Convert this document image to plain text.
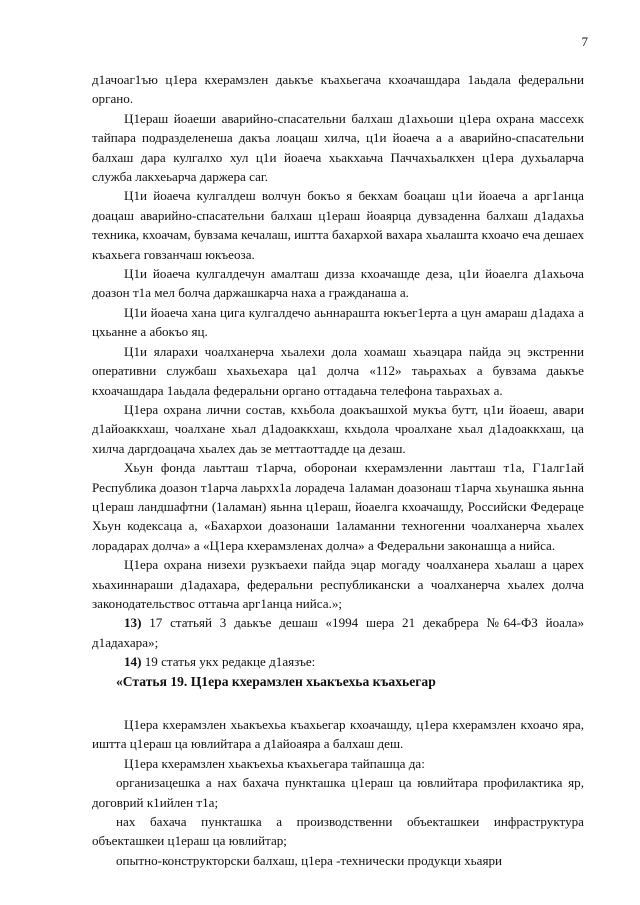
7

д1ачоаг1ъю ц1ера кхерамзлен даькъе къахьегача кхоачашдара 1аьдала федеральни органо.

Ц1ераш йоаеши аварийно-спасательни балхаш д1ахьоши ц1ера охрана массехк тайпара подразделенеша дакъа лоацаш хилча, ц1и йоаеча а а аварийно-спасательни балхаш дара кулгалхо хул ц1и йоаеча хьакхаьча Паччахьалкхен ц1ера духьаларча служба лакхеьарча даржера саг.

Ц1и йоаеча кулгалдеш волчун бокъо я бекхам боацаш ц1и йоаеча а арг1анца доацаш аварийно-спасательни балхаш ц1ераш йоаярца дувзаденна балхаш д1адахьа техника, кхоачам, бувзама кечалаш, иштта бахархой вахара хьалашта кхоачо еча дешаех къахьега говзанчаш юкъеоза.

Ц1и йоаеча кулгалдечун амалташ дизза кхоачашде деза, ц1и йоаелга д1ахьоча доазон т1а мел болча даржашкарча наха а гражданаша а.

Ц1и йоаеча хана цига кулгалдечо аьннарашта юкъег1ерта а цун амараш д1адаха а цхьанне а абокъо яц.

Ц1и яларахи чоалханерча хьалехи дола хоамаш хьаэцара пайда эц экстренни оперативни службаш хьахьехара ца1 долча «112» таьрахьах а бувзама даькъе кхоачашдара 1аьдала федеральни органо оттадаьча телефона таьрахьах а.

Ц1ера охрана лични состав, кхьбола доакъашхой мукъа бутт, ц1и йоаеш, авари д1айоаккхаш, чоалхане хьал д1адоаккхаш, кхьдола чроалхане хьал д1адоаккхаш, ца хилча даргдоацача хьалех даь зе меттаоттадде ца дезаш.

Хьун фонда лаьтташ т1арча, оборонаи кхерамзленни лаьтташ т1а, Г1алг1ай Республика доазон т1арча лаьрхх1а лорадеча 1аламан доазонаш т1арча хьунашка яьнна ц1ераш ландшафтни (1аламан) яьнна ц1ераш, йоаелга кхоачашду, Российски Федераце Хьун кодексаца а, «Бахархои доазонаши 1аламанни техногенни чоалханерча хьалех лорадарах долча» а «Ц1ера кхерамзленах долча» а Федеральни законашца а нийса.

Ц1ера охрана низехи рузкъаехи пайда эцар могаду чоалханера хьалаш а царех хьахиннараши д1адахара, федеральни республикански а чоалханерча хьалех долча законодательствос оттаьча арг1анца нийса.»;

13) 17 статьяй 3 даькъе дешаш «1994 шера 21 декабрера №64-ФЗ йоала» д1адахара»;

14) 19 статья укх редакце д1аязъе:

«Статья 19. Ц1ера кхерамзлен хьакъехьа къахьегар

Ц1ера кхерамзлен хьакъехьа къахьегар кхоачашду, ц1ера кхерамзлен кхоачо яра, иштта ц1ераш ца ювлийтара а д1айоаяра а балхаш деш.

Ц1ера кхерамзлен хьакъехьа къахьегара тайпашца да:

организацешка а нах бахача пункташка ц1ераш ца ювлийтара профилактика яр, договрий к1ийлен т1а;

нах бахача пункташка а производственни объекташкеи инфраструктура объекташкеи ц1ераш ца ювлийтар;

опытно-конструкторски балхаш, ц1ера -технически продукци хьаяри
